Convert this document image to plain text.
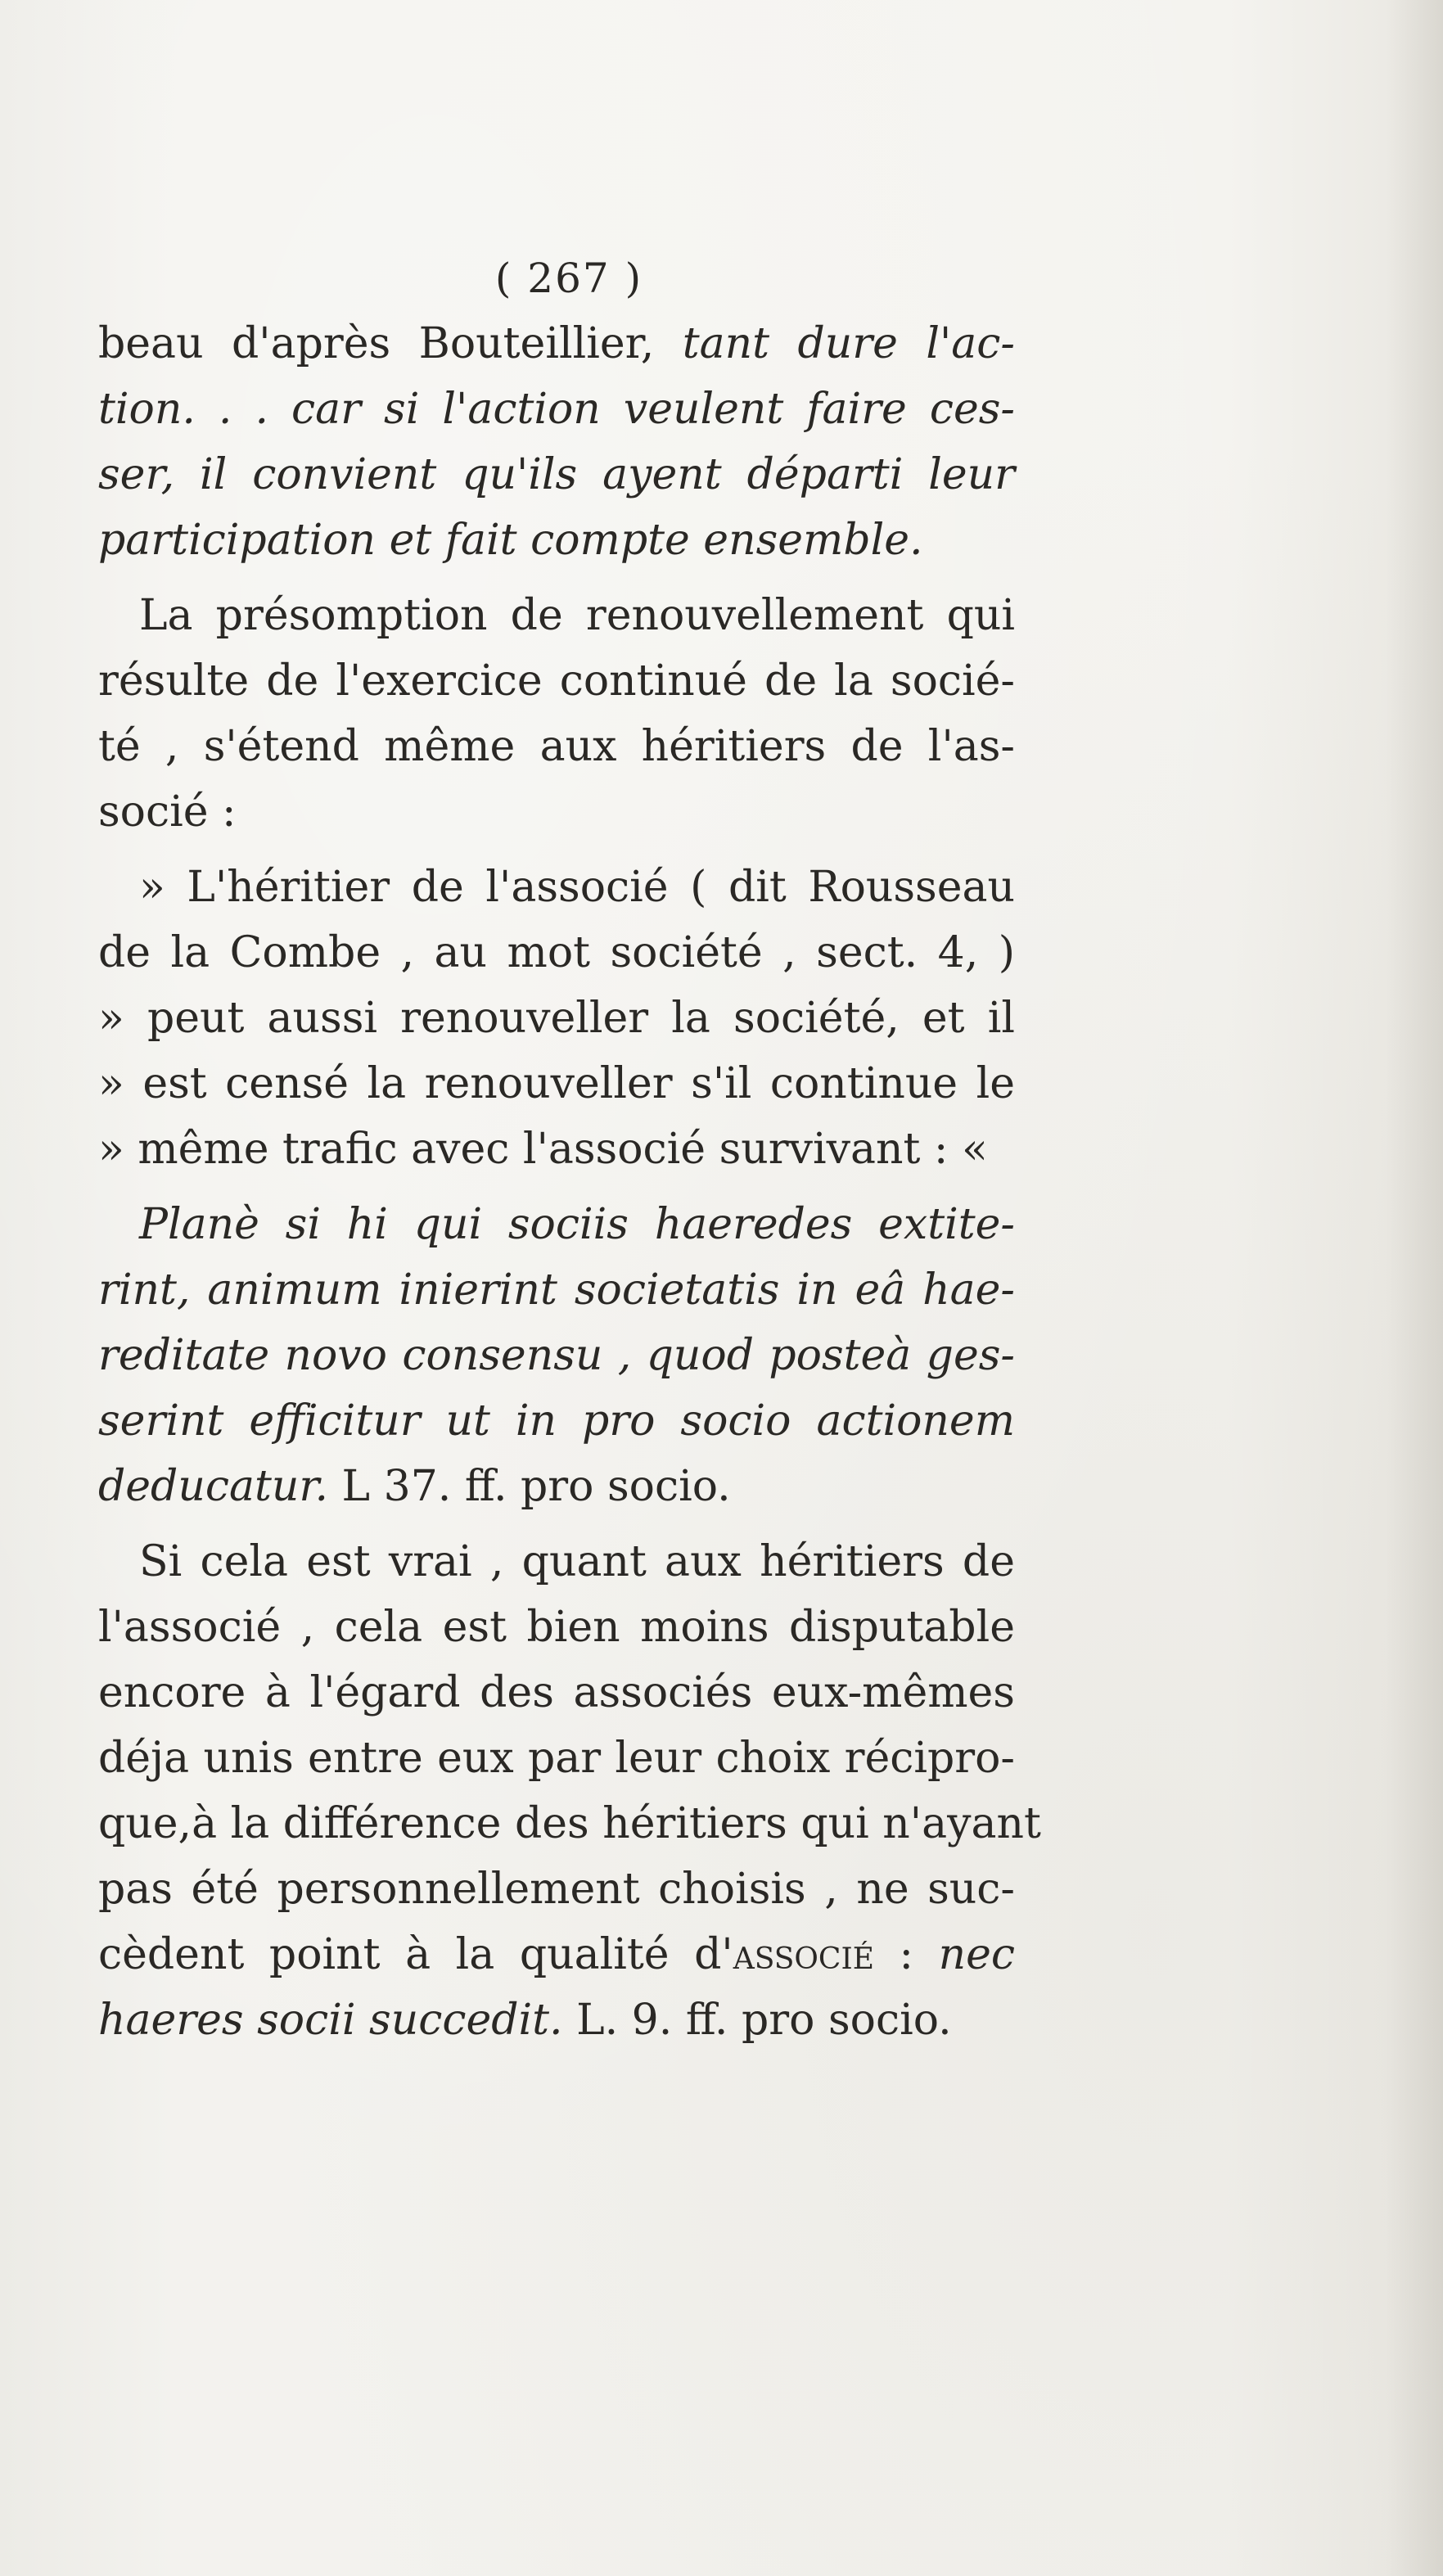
( 267 )
beau d'après Bouteillier, tant dure l'ac-
tion. . . car si l'action veulent faire ces-
ser, il convient qu'ils ayent départi leur
participation et fait compte ensemble.
La présomption de renouvellement qui
résulte de l'exercice continué de la socié-
té , s'étend même aux héritiers de l'as-
socié :
» L'héritier de l'associé ( dit Rousseau
de la Combe , au mot société , sect. 4, )
» peut aussi renouveller la société, et il
» est censé la renouveller s'il continue le
» même trafic avec l'associé survivant : «
Planè si hi qui sociis haeredes extite-
rint, animum inierint societatis in eâ hae-
reditate novo consensu , quod posteà ges-
serint efficitur ut in pro socio actionem
deducatur. L 37. ff. pro socio.
Si cela est vrai , quant aux héritiers de
l'associé , cela est bien moins disputable
encore à l'égard des associés eux-mêmes
déja unis entre eux par leur choix récipro-
que,à la différence des héritiers qui n'ayant
pas été personnellement choisis , ne suc-
cèdent point à la qualité d'associé : nec
haeres socii succedit. L. 9. ff. pro socio.
